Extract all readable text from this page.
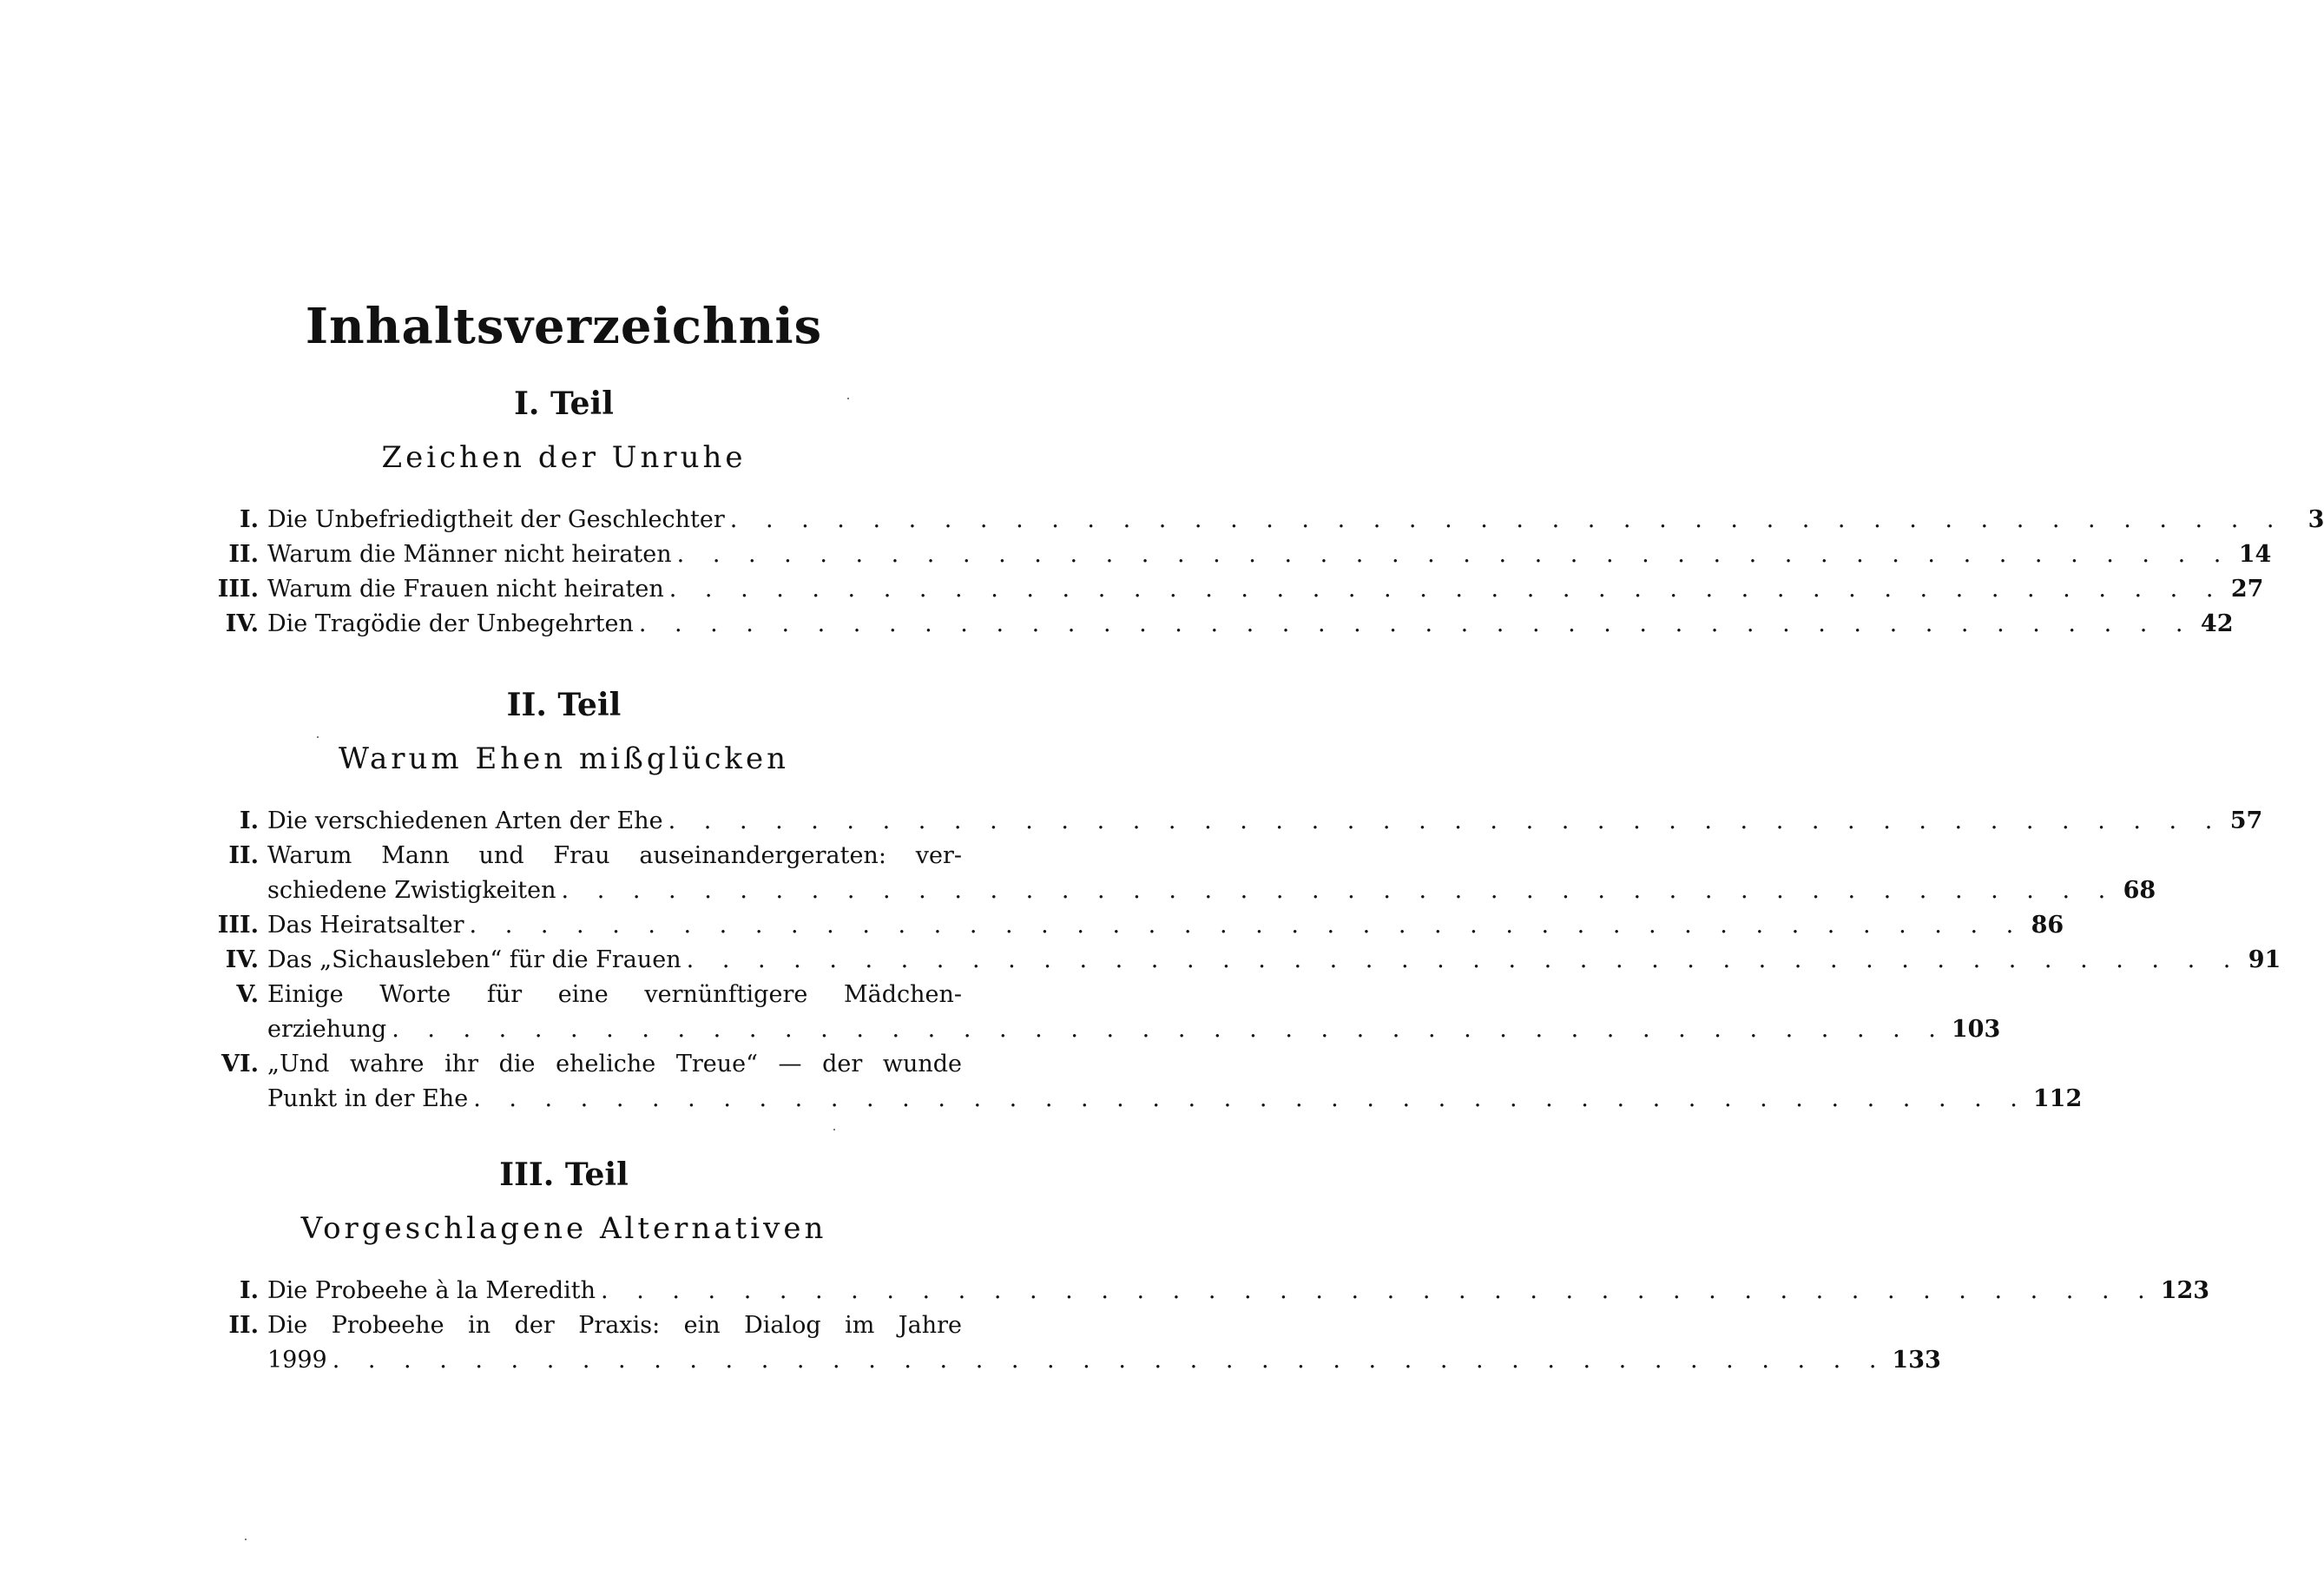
Inhaltsverzeichnis
I. Teil
Zeichen der Unruhe
I. Die Unbefriedigtheit der Geschlechter . . . . . . . . . . . . . . . . . . . . . . . . . . . . . . . . . . . . . . . . . . . .	3
II. Warum die Männer nicht heiraten . . . . . . . . . . . . . . . . . . . . . . . . . . . . . . . . . . . . . . . . . . . . 14
III. Warum die Frauen nicht heiraten . . . . . . . . . . . . . . . . . . . . . . . . . . . . . . . . . . . . . . . . . . . . 27
IV. Die Tragödie der Unbegehrten . . . . . . . . . . . . . . . . . . . . . . . . . . . . . . . . . . . . . . . . . . . . 42
II. Teil
Warum Ehen mißglücken
I. Die verschiedenen Arten der Ehe . . . . . . . . . . . . . . . . . . . . . . . . . . . . . . . . . . . . . . . . . . . . 57
II. Warum Mann und Frau auseinandergeraten: ver-
schiedene Zwistigkeiten . . . . . . . . . . . . . . . . . . . . . . . . . . . . . . . . . . . . . . . . . . . . 68
III. Das Heiratsalter . . . . . . . . . . . . . . . . . . . . . . . . . . . . . . . . . . . . . . . . . . . . 86
IV. Das „Sichausleben“ für die Frauen . . . . . . . . . . . . . . . . . . . . . . . . . . . . . . . . . . . . . . . . . . . . 91
V. Einige Worte für eine vernünftigere Mädchen-
erziehung . . . . . . . . . . . . . . . . . . . . . . . . . . . . . . . . . . . . . . . . . . . . 103
VI. „Und wahre ihr die eheliche Treue“ — der wunde
Punkt in der Ehe . . . . . . . . . . . . . . . . . . . . . . . . . . . . . . . . . . . . . . . . . . . . 112
III. Teil
Vorgeschlagene Alternativen
I. Die Probeehe à la Meredith . . . . . . . . . . . . . . . . . . . . . . . . . . . . . . . . . . . . . . . . . . . . 123
II. Die Probeehe in der Praxis: ein Dialog im Jahre
1999 . . . . . . . . . . . . . . . . . . . . . . . . . . . . . . . . . . . . . . . . . . . . 133
